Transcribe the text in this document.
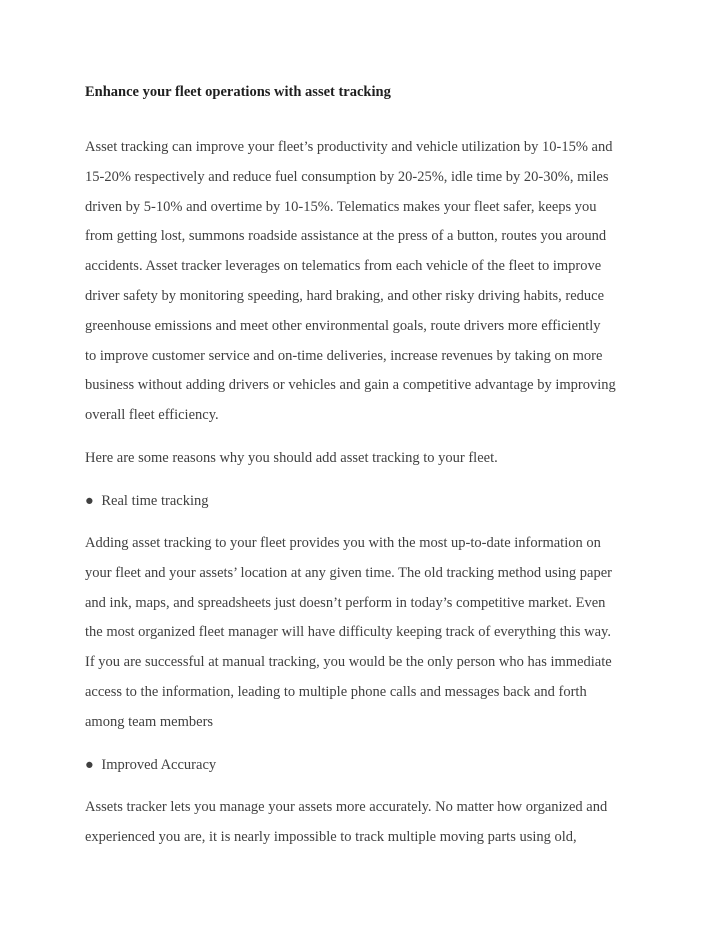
Enhance your fleet operations with asset tracking
Asset tracking can improve your fleet’s productivity and vehicle utilization by 10-15% and
15-20% respectively and reduce fuel consumption by 20-25%, idle time by 20-30%, miles
driven by 5-10% and overtime by 10-15%. Telematics makes your fleet safer, keeps you
from getting lost, summons roadside assistance at the press of a button, routes you around
accidents. Asset tracker leverages on telematics from each vehicle of the fleet to improve
driver safety by monitoring speeding, hard braking, and other risky driving habits, reduce
greenhouse emissions and meet other environmental goals, route drivers more efficiently
to improve customer service and on-time deliveries, increase revenues by taking on more
business without adding drivers or vehicles and gain a competitive advantage by improving
overall fleet efficiency.
Here are some reasons why you should add asset tracking to your fleet.
● Real time tracking
Adding asset tracking to your fleet provides you with the most up-to-date information on
your fleet and your assets’ location at any given time. The old tracking method using paper
and ink, maps, and spreadsheets just doesn’t perform in today’s competitive market. Even
the most organized fleet manager will have difficulty keeping track of everything this way.
If you are successful at manual tracking, you would be the only person who has immediate
access to the information, leading to multiple phone calls and messages back and forth
among team members
● Improved Accuracy
Assets tracker lets you manage your assets more accurately. No matter how organized and
experienced you are, it is nearly impossible to track multiple moving parts using old,
